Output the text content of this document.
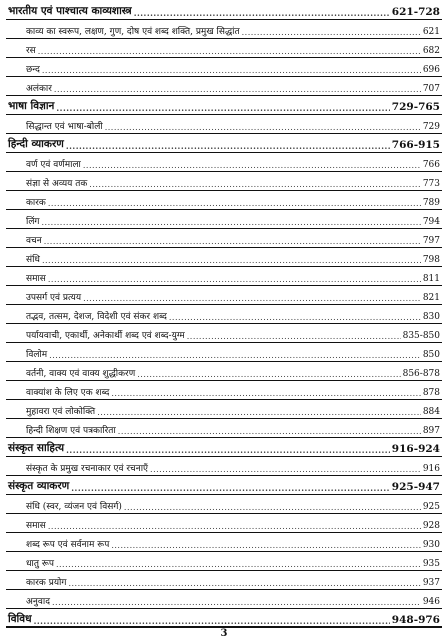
भारतीय एवं पाश्चात्य काव्यशास्त्र .....	621-728
काव्य का स्वरूप, लक्षण, गुण, दोष एवं शब्द शक्ति, प्रमुख सिद्धांत .....	621
रस .....	682
छन्द .....	696
अलंकार .....	707
भाषा विज्ञान .....	729-765
सिद्धान्त एवं भाषा-बोली .....	729
हिन्दी व्याकरण .....	766-915
वर्ण एवं वर्णमाला .....	766
संज्ञा से अव्यय तक .....	773
कारक .....	789
लिंग .....	794
वचन .....	797
संधि .....	798
समास .....	811
उपसर्ग एवं प्रत्यय .....	821
तद्भव, तत्सम, देशज, विदेशी एवं संकर शब्द .....	830
पर्यायवाची, एकार्थी, अनेकार्थी शब्द एवं शब्द-युग्म .....	835-850
विलोम .....	850
वर्तनी, वाक्य एवं वाक्य शुद्धीकरण .....	856-878
वाक्यांश के लिए एक शब्द .....	878
मुहावरा एवं लोकोक्ति .....	884
हिन्दी शिक्षण एवं पत्रकारिता .....	897
संस्कृत साहित्य .....	916-924
संस्कृत के प्रमुख रचनाकार एवं रचनाएँ .....	916
संस्कृत व्याकरण .....	925-947
संधि (स्वर, व्यंजन एवं विसर्ग) .....	925
समास .....	928
शब्द रूप एवं सर्वनाम रूप .....	930
धातु रूप .....	935
कारक प्रयोग .....	937
अनुवाद .....	946
विविध .....	948-976
3
